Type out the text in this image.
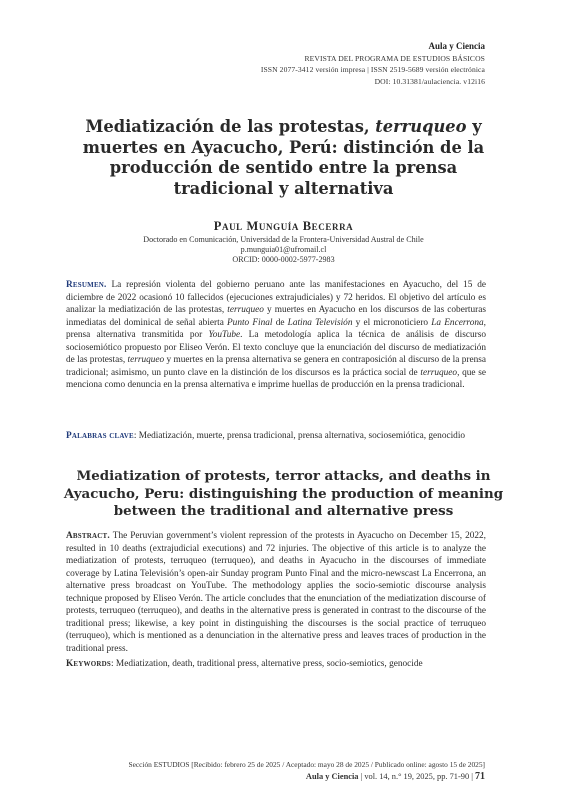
Aula y Ciencia
REVISTA DEL PROGRAMA DE ESTUDIOS BÁSICOS
ISSN 2077-3412 versión impresa | ISSN 2519-5689 versión electrónica
DOI: 10.31381/aulaciencia. v12i16
Mediatización de las protestas, terruqueo y muertes en Ayacucho, Perú: distinción de la producción de sentido entre la prensa tradicional y alternativa
Paul Munguía Becerra
Doctorado en Comunicación, Universidad de la Frontera-Universidad Austral de Chile
p.munguia01@ufromail.cl
ORCID: 0000-0002-5977-2983

Resumen. La represión violenta del gobierno peruano ante las manifestaciones en Ayacucho, del 15 de diciembre de 2022 ocasionó 10 fallecidos (ejecuciones extrajudiciales) y 72 heridos. El objetivo del artículo es analizar la mediatización de las protestas, terruqueo y muertes en Ayacucho en los discursos de las coberturas inmediatas del dominical de señal abierta Punto Final de Latina Televisión y el micronoticiero La Encerrona, prensa alternativa transmitida por YouTube. La metodología aplica la técnica de análisis de discurso sociosemiótico propuesto por Eliseo Verón. El texto concluye que la enunciación del discurso de mediatización de las protestas, terruqueo y muertes en la prensa alternativa se genera en contraposición al discurso de la prensa tradicional; asimismo, un punto clave en la distinción de los discursos es la práctica social de terruqueo, que se menciona como denuncia en la prensa alternativa e imprime huellas de producción en la prensa tradicional.

Palabras clave: Mediatización, muerte, prensa tradicional, prensa alternativa, sociosemiótica, genocidio

Mediatization of protests, terror attacks, and deaths in Ayacucho, Peru: distinguishing the production of meaning between the traditional and alternative press

Abstract. The Peruvian government’s violent repression of the protests in Ayacucho on December 15, 2022, resulted in 10 deaths (extrajudicial executions) and 72 injuries. The objective of this article is to analyze the mediatization of protests, terruqueo (terruqueo), and deaths in Ayacucho in the discourses of immediate coverage by Latina Televisión’s open-air Sunday program Punto Final and the micro-newscast La Encerrona, an alternative press broadcast on YouTube. The methodology applies the socio-semiotic discourse analysis technique proposed by Eliseo Verón. The article concludes that the enunciation of the mediatization discourse of protests, terruqueo (terruqueo), and deaths in the alternative press is generated in contrast to the discourse of the traditional press; likewise, a key point in distinguishing the discourses is the social practice of terruqueo (terruqueo), which is mentioned as a denunciation in the alternative press and leaves traces of production in the traditional press.

Keywords: Mediatization, death, traditional press, alternative press, socio-semiotics, genocide

Sección ESTUDIOS [Recibido: febrero 25 de 2025 / Aceptado: mayo 28 de 2025 / Publicado online: agosto 15 de 2025]
Aula y Ciencia | vol. 14, n.° 19, 2025, pp. 71-90 | 71
